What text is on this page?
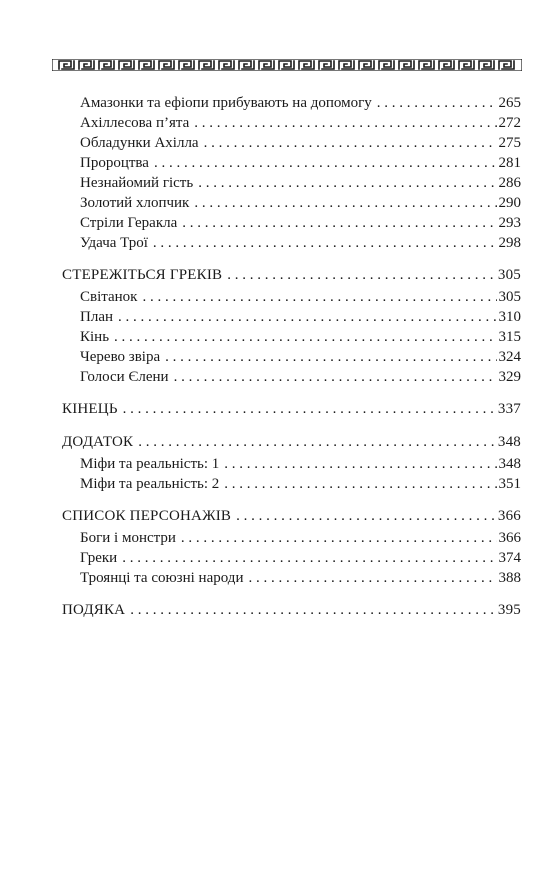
Амазонки та ефіопи прибувають на допомогу . . .	265
Ахіллесова п’ята . . .	272
Обладунки Ахілла . . .	275
Пророцтва . . .	281
Незнайомий гість . . .	286
Золотий хлопчик . . .	290
Стріли Геракла . . .	293
Удача Трої . . .	298
СТЕРЕЖІТЬСЯ ГРЕКІВ . . .	305
Світанок . . .	305
План . . .	310
Кінь . . .	315
Черево звіра . . .	324
Голоси Єлени . . .	329
КІНЕЦЬ . . .	337
ДОДАТОК . . .	348
Міфи та реальність: 1 . . .	348
Міфи та реальність: 2 . . .	351
СПИСОК ПЕРСОНАЖІВ . . .	366
Боги і монстри . . .	366
Греки . . .	374
Троянці та союзні народи . . .	388
ПОДЯКА . . .	395
